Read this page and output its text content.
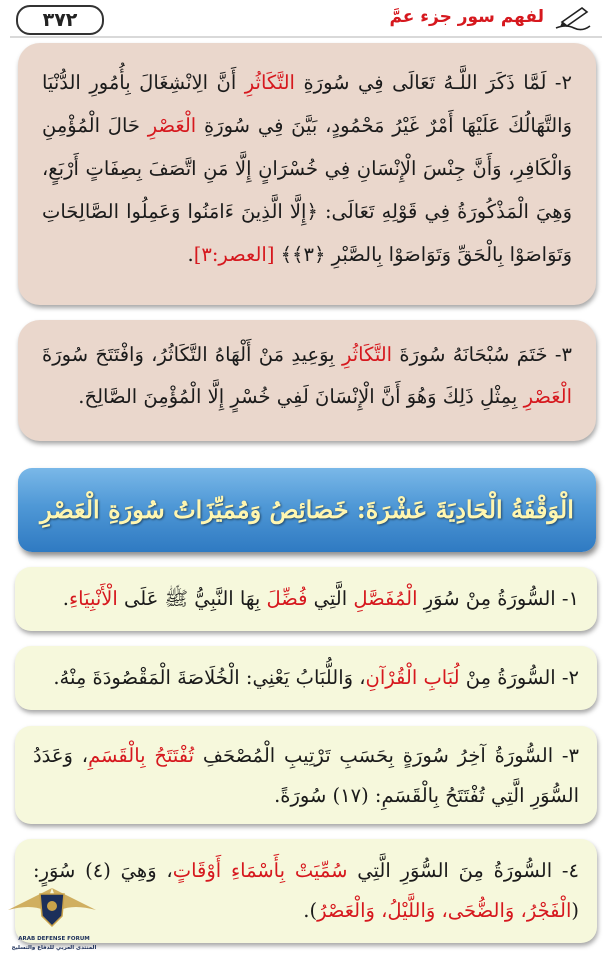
٣٧٢	لفهم سور جزء عمَّ

٢- لَمَّا ذَكَرَ اللَّـهُ تَعَالَى فِي سُورَةِ التَّكَاثُرِ أَنَّ الِانْشِغَالَ بِأُمُورِ الدُّنْيَا وَالتَّهَالُكَ عَلَيْهَا أَمْرٌ غَيْرُ مَحْمُودٍ، بَيَّنَ فِي سُورَةِ الْعَصْرِ حَالَ الْمُؤْمِنِ وَالْكَافِرِ، وَأَنَّ جِنْسَ الْإِنْسَانِ فِي خُسْرَانٍ إِلَّا مَنِ اتَّصَفَ بِصِفَاتٍ أَرْبَعٍ، وَهِيَ الْمَذْكُورَةُ فِي قَوْلِهِ تَعَالَى: ﴿إِلَّا الَّذِينَ ءَامَنُوا وَعَمِلُوا الصَّالِحَاتِ وَتَوَاصَوْا بِالْحَقِّ وَتَوَاصَوْا بِالصَّبْرِ ﴿٣﴾﴾ [العصر:٣].

٣- خَتَمَ سُبْحَانَهُ سُورَةَ التَّكَاثُرِ بِوَعِيدِ مَنْ أَلْهَاهُ التَّكَاثُرُ، وَافْتَتَحَ سُورَةَ الْعَصْرِ بِمِثْلِ ذَلِكَ وَهُوَ أَنَّ الْإِنْسَانَ لَفِي خُسْرٍ إِلَّا الْمُؤْمِنَ الصَّالِحَ.

الْوَقْفَةُ الْحَادِيَةَ عَشْرَةَ: خَصَائِصُ وَمُمَيِّزَاتُ سُورَةِ الْعَصْرِ

١- السُّورَةُ مِنْ سُوَرِ الْمُفَصَّلِ الَّتِي فُضِّلَ بِهَا النَّبِيُّ ﷺ عَلَى الْأَنْبِيَاءِ.

٢- السُّورَةُ مِنْ لُبَابِ الْقُرْآنِ، وَاللُّبَابُ يَعْنِي: الْخُلَاصَةَ الْمَقْصُودَةَ مِنْهُ.

٣- السُّورَةُ آخِرُ سُورَةٍ بِحَسَبِ تَرْتِيبِ الْمُصْحَفِ تُفْتَتَحُ بِالْقَسَمِ، وَعَدَدُ السُّوَرِ الَّتِي تُفْتَتَحُ بِالْقَسَمِ: (١٧) سُورَةً.

٤- السُّورَةُ مِنَ السُّوَرِ الَّتِي سُمِّيَتْ بِأَسْمَاءِ أَوْقَاتٍ، وَهِيَ (٤) سُوَرٍ: (الْفَجْرُ، وَالضُّحَى، وَاللَّيْلُ، وَالْعَصْرُ).

ARAB DEFENSE FORUM
المنتدى العربي للدفاع والتسليح
